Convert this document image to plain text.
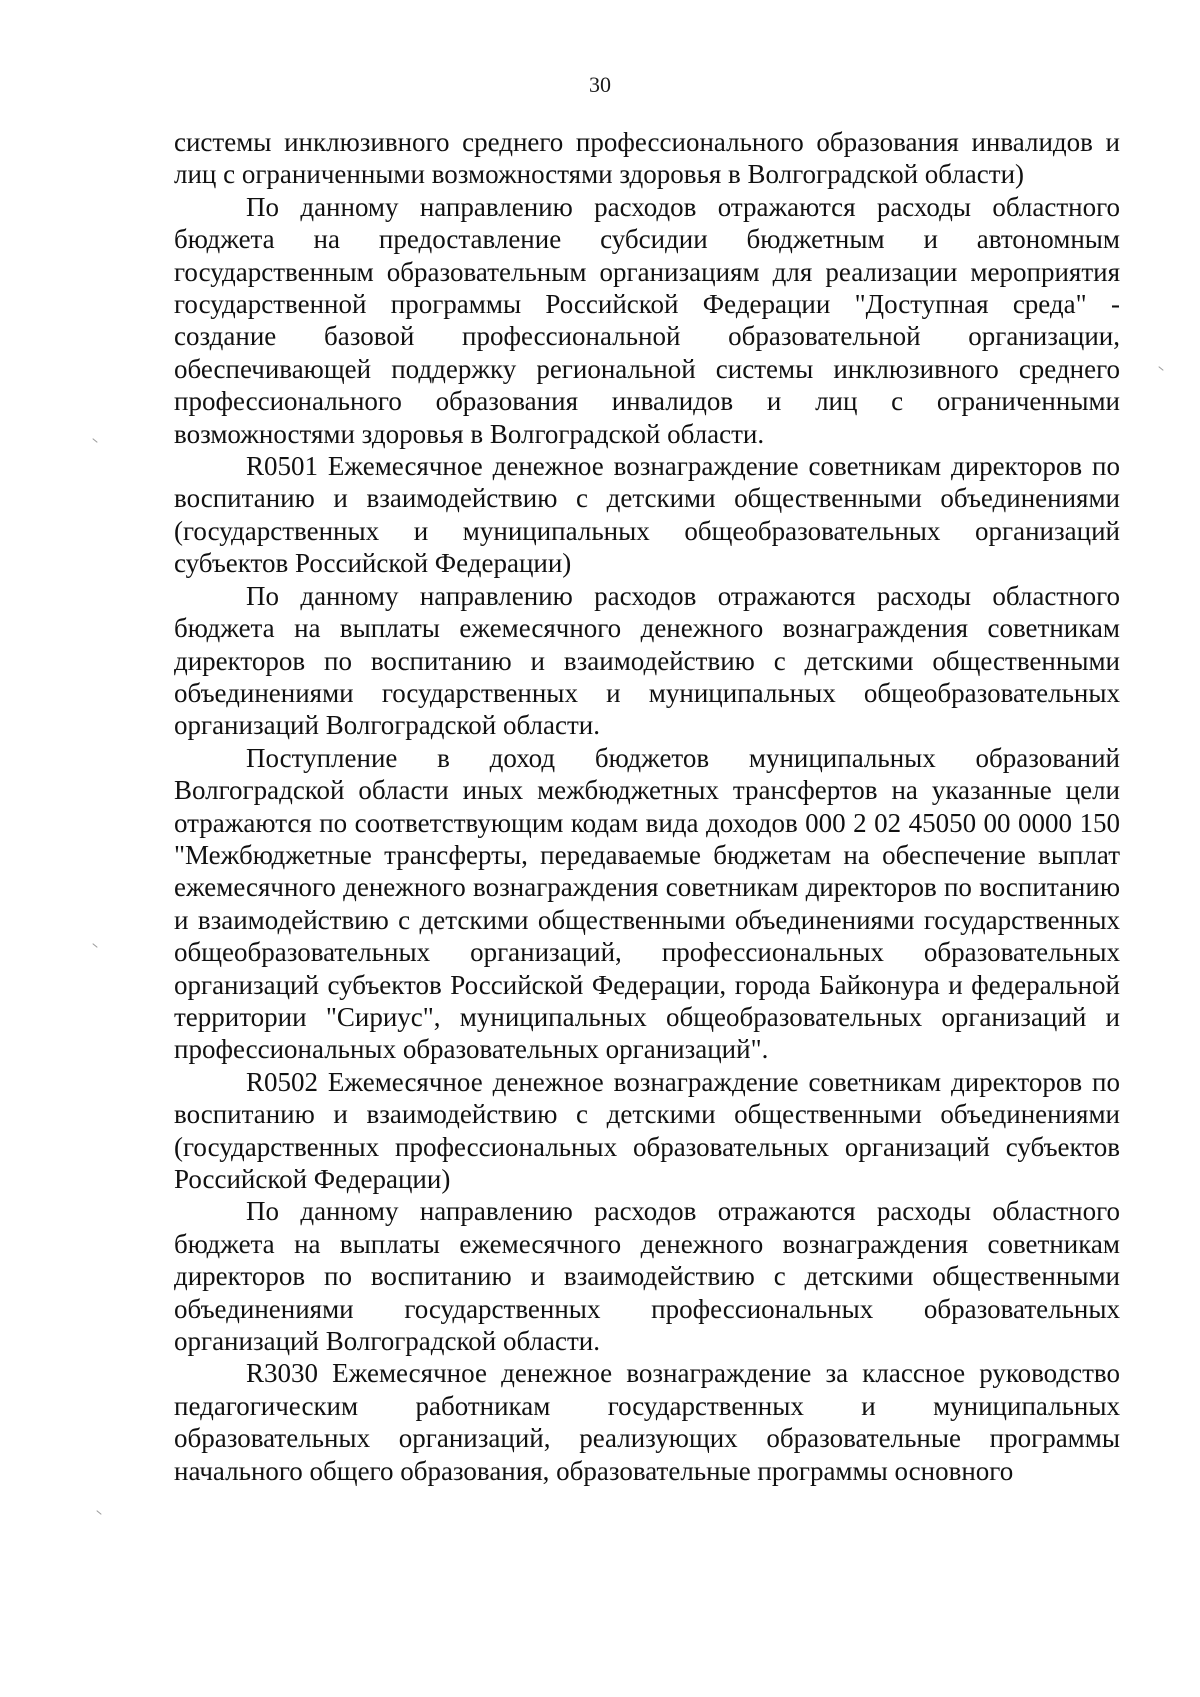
30

системы инклюзивного среднего профессионального образования инвалидов и лиц с ограниченными возможностями здоровья в Волгоградской области)

По данному направлению расходов отражаются расходы областного бюджета на предоставление субсидии бюджетным и автономным государственным образовательным организациям для реализации мероприятия государственной программы Российской Федерации "Доступная среда" - создание базовой профессиональной образовательной организации, обеспечивающей поддержку региональной системы инклюзивного среднего профессионального образования инвалидов и лиц с ограниченными возможностями здоровья в Волгоградской области.

R0501 Ежемесячное денежное вознаграждение советникам директоров по воспитанию и взаимодействию с детскими общественными объединениями (государственных и муниципальных общеобразовательных организаций субъектов Российской Федерации)

По данному направлению расходов отражаются расходы областного бюджета на выплаты ежемесячного денежного вознаграждения советникам директоров по воспитанию и взаимодействию с детскими общественными объединениями государственных и муниципальных общеобразовательных организаций Волгоградской области.

Поступление в доход бюджетов муниципальных образований Волгоградской области иных межбюджетных трансфертов на указанные цели отражаются по соответствующим кодам вида доходов 000 2 02 45050 00 0000 150 "Межбюджетные трансферты, передаваемые бюджетам на обеспечение выплат ежемесячного денежного вознаграждения советникам директоров по воспитанию и взаимодействию с детскими общественными объединениями государственных общеобразовательных организаций, профессиональных образовательных организаций субъектов Российской Федерации, города Байконура и федеральной территории "Сириус", муниципальных общеобразовательных организаций и профессиональных образовательных организаций".

R0502 Ежемесячное денежное вознаграждение советникам директоров по воспитанию и взаимодействию с детскими общественными объединениями (государственных профессиональных образовательных организаций субъектов Российской Федерации)

По данному направлению расходов отражаются расходы областного бюджета на выплаты ежемесячного денежного вознаграждения советникам директоров по воспитанию и взаимодействию с детскими общественными объединениями государственных профессиональных образовательных организаций Волгоградской области.

R3030 Ежемесячное денежное вознаграждение за классное руководство педагогическим работникам государственных и муниципальных образовательных организаций, реализующих образовательные программы начального общего образования, образовательные программы основного
